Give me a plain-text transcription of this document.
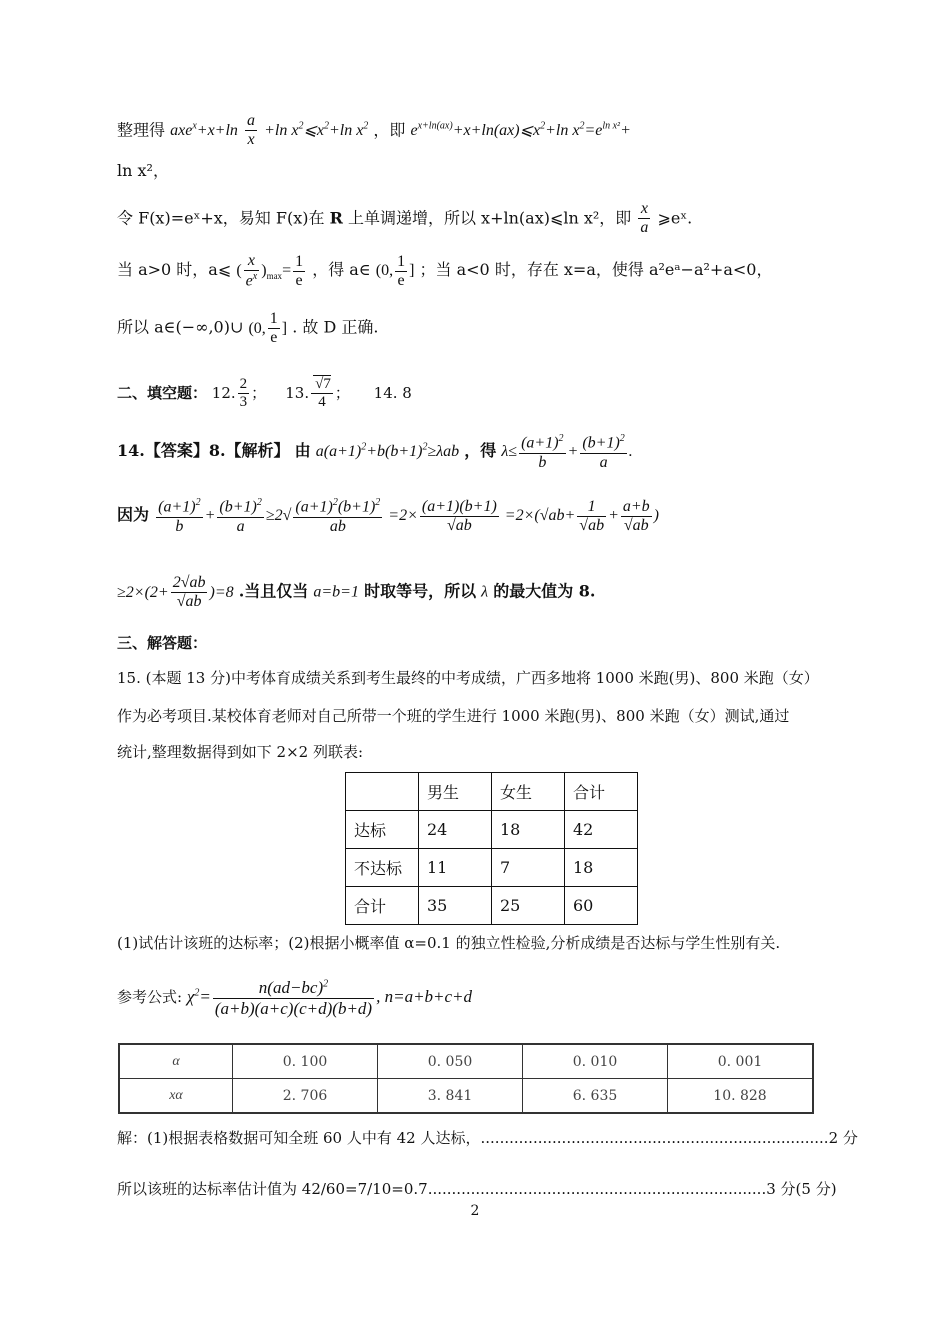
整理得 $axe^x+x+\ln \frac{a}{x} +\ln$ $x^2⩽x^2+\ln$ $x^2$ ，即 $e^{x+ln(ax)}+x+\ln(ax)⩽x^2+\ln$ $x^2=e^{ln x^2}+$
ln x²，
令 F(x)=eˣ+x，易知 F(x)在 R 上单调递增，所以 x+ln(ax)⩽ln x²，即 $\frac{x}{a}$ ⩾eˣ.
当 a>0 时，a⩽ ( $\frac{x}{e^x} )_{max}= \frac{1}{e}$ ，得 a∈ (0, $\frac{1}{e}$ ] ；当 a<0 时，存在 x=a，使得 a²eᵃ−a²+a<0，
所以 a∈(−∞,0)∪ (0, $\frac{1}{e}$ ] . 故 D 正确.
二、填空题： 12. $\frac{2}{3}$ ；    13. $\frac{√7}{4}$ ；     14. 8
14.【答案】8.【解析】 由 $a(a+1)^2+b(b+1)^2\ge\lambda ab$ ，得 $\lambda\le \frac{(a+1)^2}{b} + \frac{(b+1)^2}{a}$ .
因为 $\frac{(a+1)^2}{b} + \frac{(b+1)^2}{a} \ge 2√ \frac{(a+1)^2(b+1)^2}{ab} =2\times \frac{(a+1)(b+1)}{√ab} =2\times(√ab+ \frac{1}{√ab} + \frac{a+b}{√ab}$ )
$\ge 2\times(2+ \frac{2√ab}{√ab} )=8$ .当且仅当 a=b=1 时取等号，所以 λ 的最大值为 8.
三、解答题：
15. (本题 13 分)中考体育成绩关系到考生最终的中考成绩，广西多地将 1000 米跑(男)、800 米跑（女）
作为必考项目.某校体育老师对自己所带一个班的学生进行 1000 米跑(男)、800 米跑（女）测试,通过
统计,整理数据得到如下 2×2 列联表:
	男生	女生	合计
达标	24	18	42
不达标	11	7	18
合计	35	25	60
(1)试估计该班的达标率；(2)根据小概率值 α=0.1 的独立性检验,分析成绩是否达标与学生性别有关.
参考公式: $\chi^2= \frac{n(ad-bc)^2}{(a+b)(a+c)(c+d)(b+d)}$ , n=a+b+c+d
α	0. 100	0. 050	0. 010	0. 001
xα	2. 706	3. 841	6. 635	10. 828
解：(1)根据表格数据可知全班 60 人中有 42 人达标，.........................................................................2 分
所以该班的达标率估计值为 42/60=7/10=0.7.......................................................................3 分(5 分)
2
